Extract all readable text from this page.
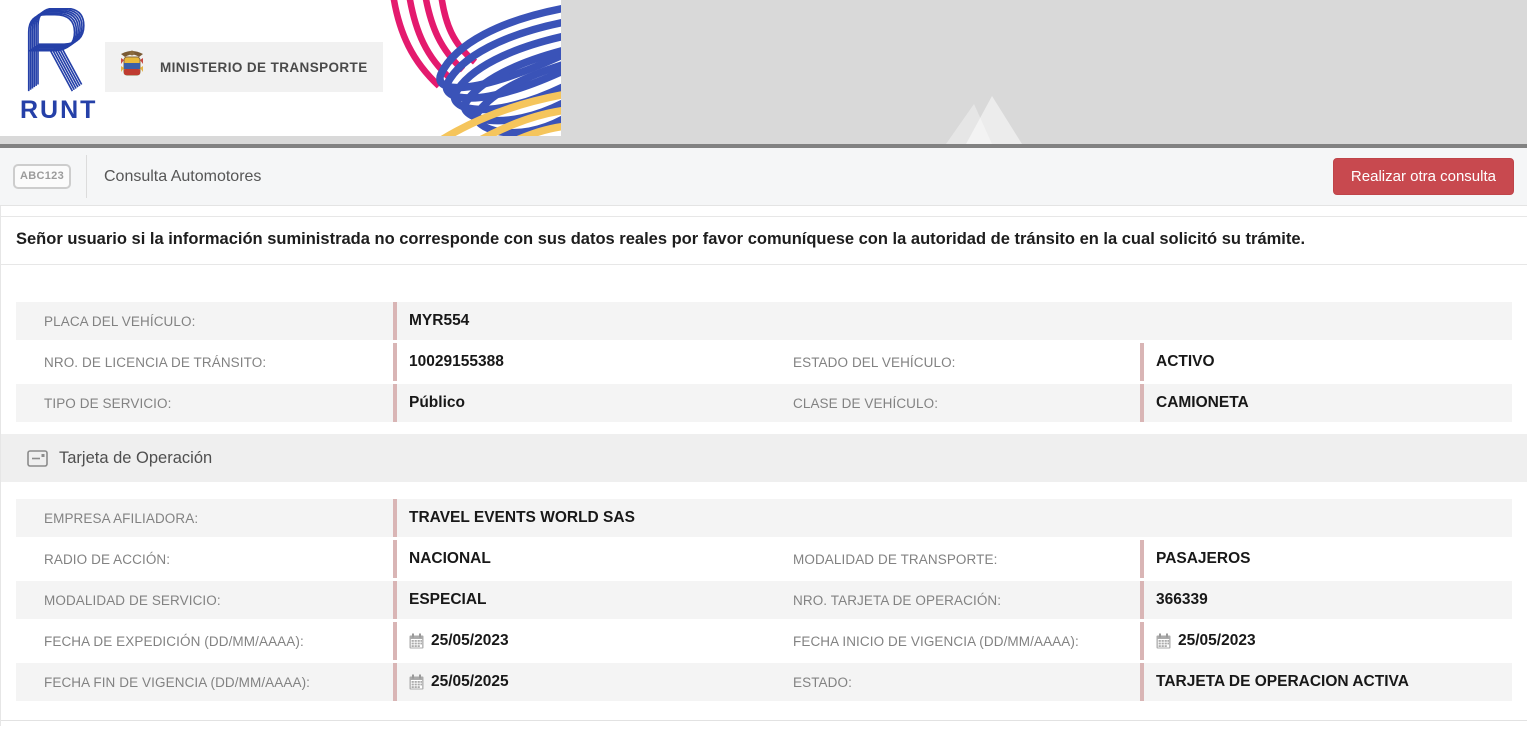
RUNT
MINISTERIO DE TRANSPORTE
ABC123	Consulta Automotores	Realizar otra consulta
Señor usuario si la información suministrada no corresponde con sus datos reales por favor comuníquese con la autoridad de tránsito en la cual solicitó su trámite.
PLACA DEL VEHÍCULO:	MYR554
NRO. DE LICENCIA DE TRÁNSITO:	10029155388	ESTADO DEL VEHÍCULO:	ACTIVO
TIPO DE SERVICIO:	Público	CLASE DE VEHÍCULO:	CAMIONETA
Tarjeta de Operación
EMPRESA AFILIADORA:	TRAVEL EVENTS WORLD SAS
RADIO DE ACCIÓN:	NACIONAL	MODALIDAD DE TRANSPORTE:	PASAJEROS
MODALIDAD DE SERVICIO:	ESPECIAL	NRO. TARJETA DE OPERACIÓN:	366339
FECHA DE EXPEDICIÓN (DD/MM/AAAA):	25/05/2023	FECHA INICIO DE VIGENCIA (DD/MM/AAAA):	25/05/2023
FECHA FIN DE VIGENCIA (DD/MM/AAAA):	25/05/2025	ESTADO:	TARJETA DE OPERACION ACTIVA
